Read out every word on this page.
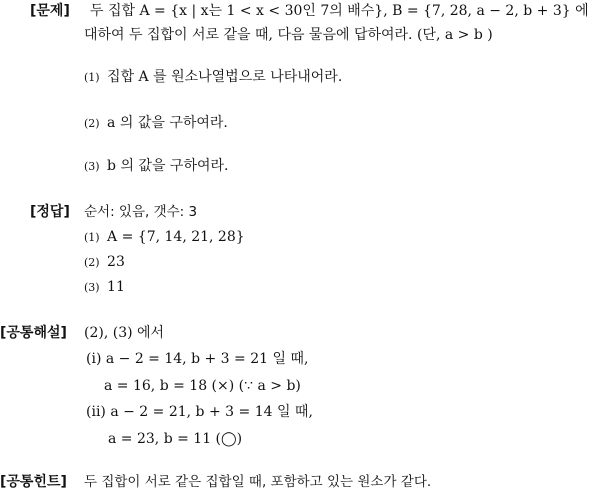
[문제] 두 집합 A = {x | x는 1 < x < 30인 7의 배수}, B = {7, 28, a − 2, b + 3} 에
대하여 두 집합이 서로 같을 때, 다음 물음에 답하여라. (단, a > b )
(1) 집합 A 를 원소나열법으로 나타내어라.
(2) a 의 값을 구하여라.
(3) b 의 값을 구하여라.
[정답] 순서: 있음, 갯수: 3
(1) A = {7, 14, 21, 28}
(2) 23
(3) 11
[공통해설] (2), (3) 에서
(i) a − 2 = 14, b + 3 = 21 일 때,
a = 16, b = 18 (×) (∵ a > b)
(ii) a − 2 = 21, b + 3 = 14 일 때,
a = 23, b = 11 (◯)
[공통힌트] 두 집합이 서로 같은 집합일 때, 포함하고 있는 원소가 같다.
